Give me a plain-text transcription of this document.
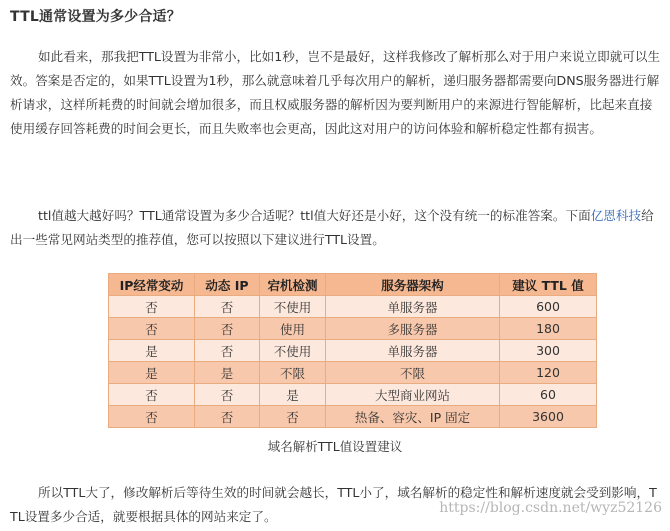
TTL通常设置为多少合适？
如此看来，那我把TTL设置为非常小，比如1秒，岂不是最好，这样我修改了解析那么对于用户来说立即就可以生效。答案是否定的，如果TTL设置为1秒，那么就意味着几乎每次用户的解析，递归服务器都需要向DNS服务器进行解析请求，这样所耗费的时间就会增加很多，而且权威服务器的解析因为要判断用户的来源进行智能解析，比起来直接使用缓存回答耗费的时间会更长，而且失败率也会更高，因此这对用户的访问体验和解析稳定性都有损害。
ttl值越大越好吗？TTL通常设置为多少合适呢？ttl值大好还是小好，这个没有统一的标准答案。下面亿恩科技给出一些常见网站类型的推荐值，您可以按照以下建议进行TTL设置。
IP经常变动	动态 IP	宕机检测	服务器架构	建议 TTL 值
否	否	不使用	单服务器	600
否	否	使用	多服务器	180
是	否	不使用	单服务器	300
是	是	不限	不限	120
否	否	是	大型商业网站	60
否	否	否	热备、容灾、IP 固定	3600
域名解析TTL值设置建议
所以TTL大了，修改解析后等待生效的时间就会越长，TTL小了，域名解析的稳定性和解析速度就会受到影响，TTL设置多少合适，就要根据具体的网站来定了。
https://blog.csdn.net/wyz52126
